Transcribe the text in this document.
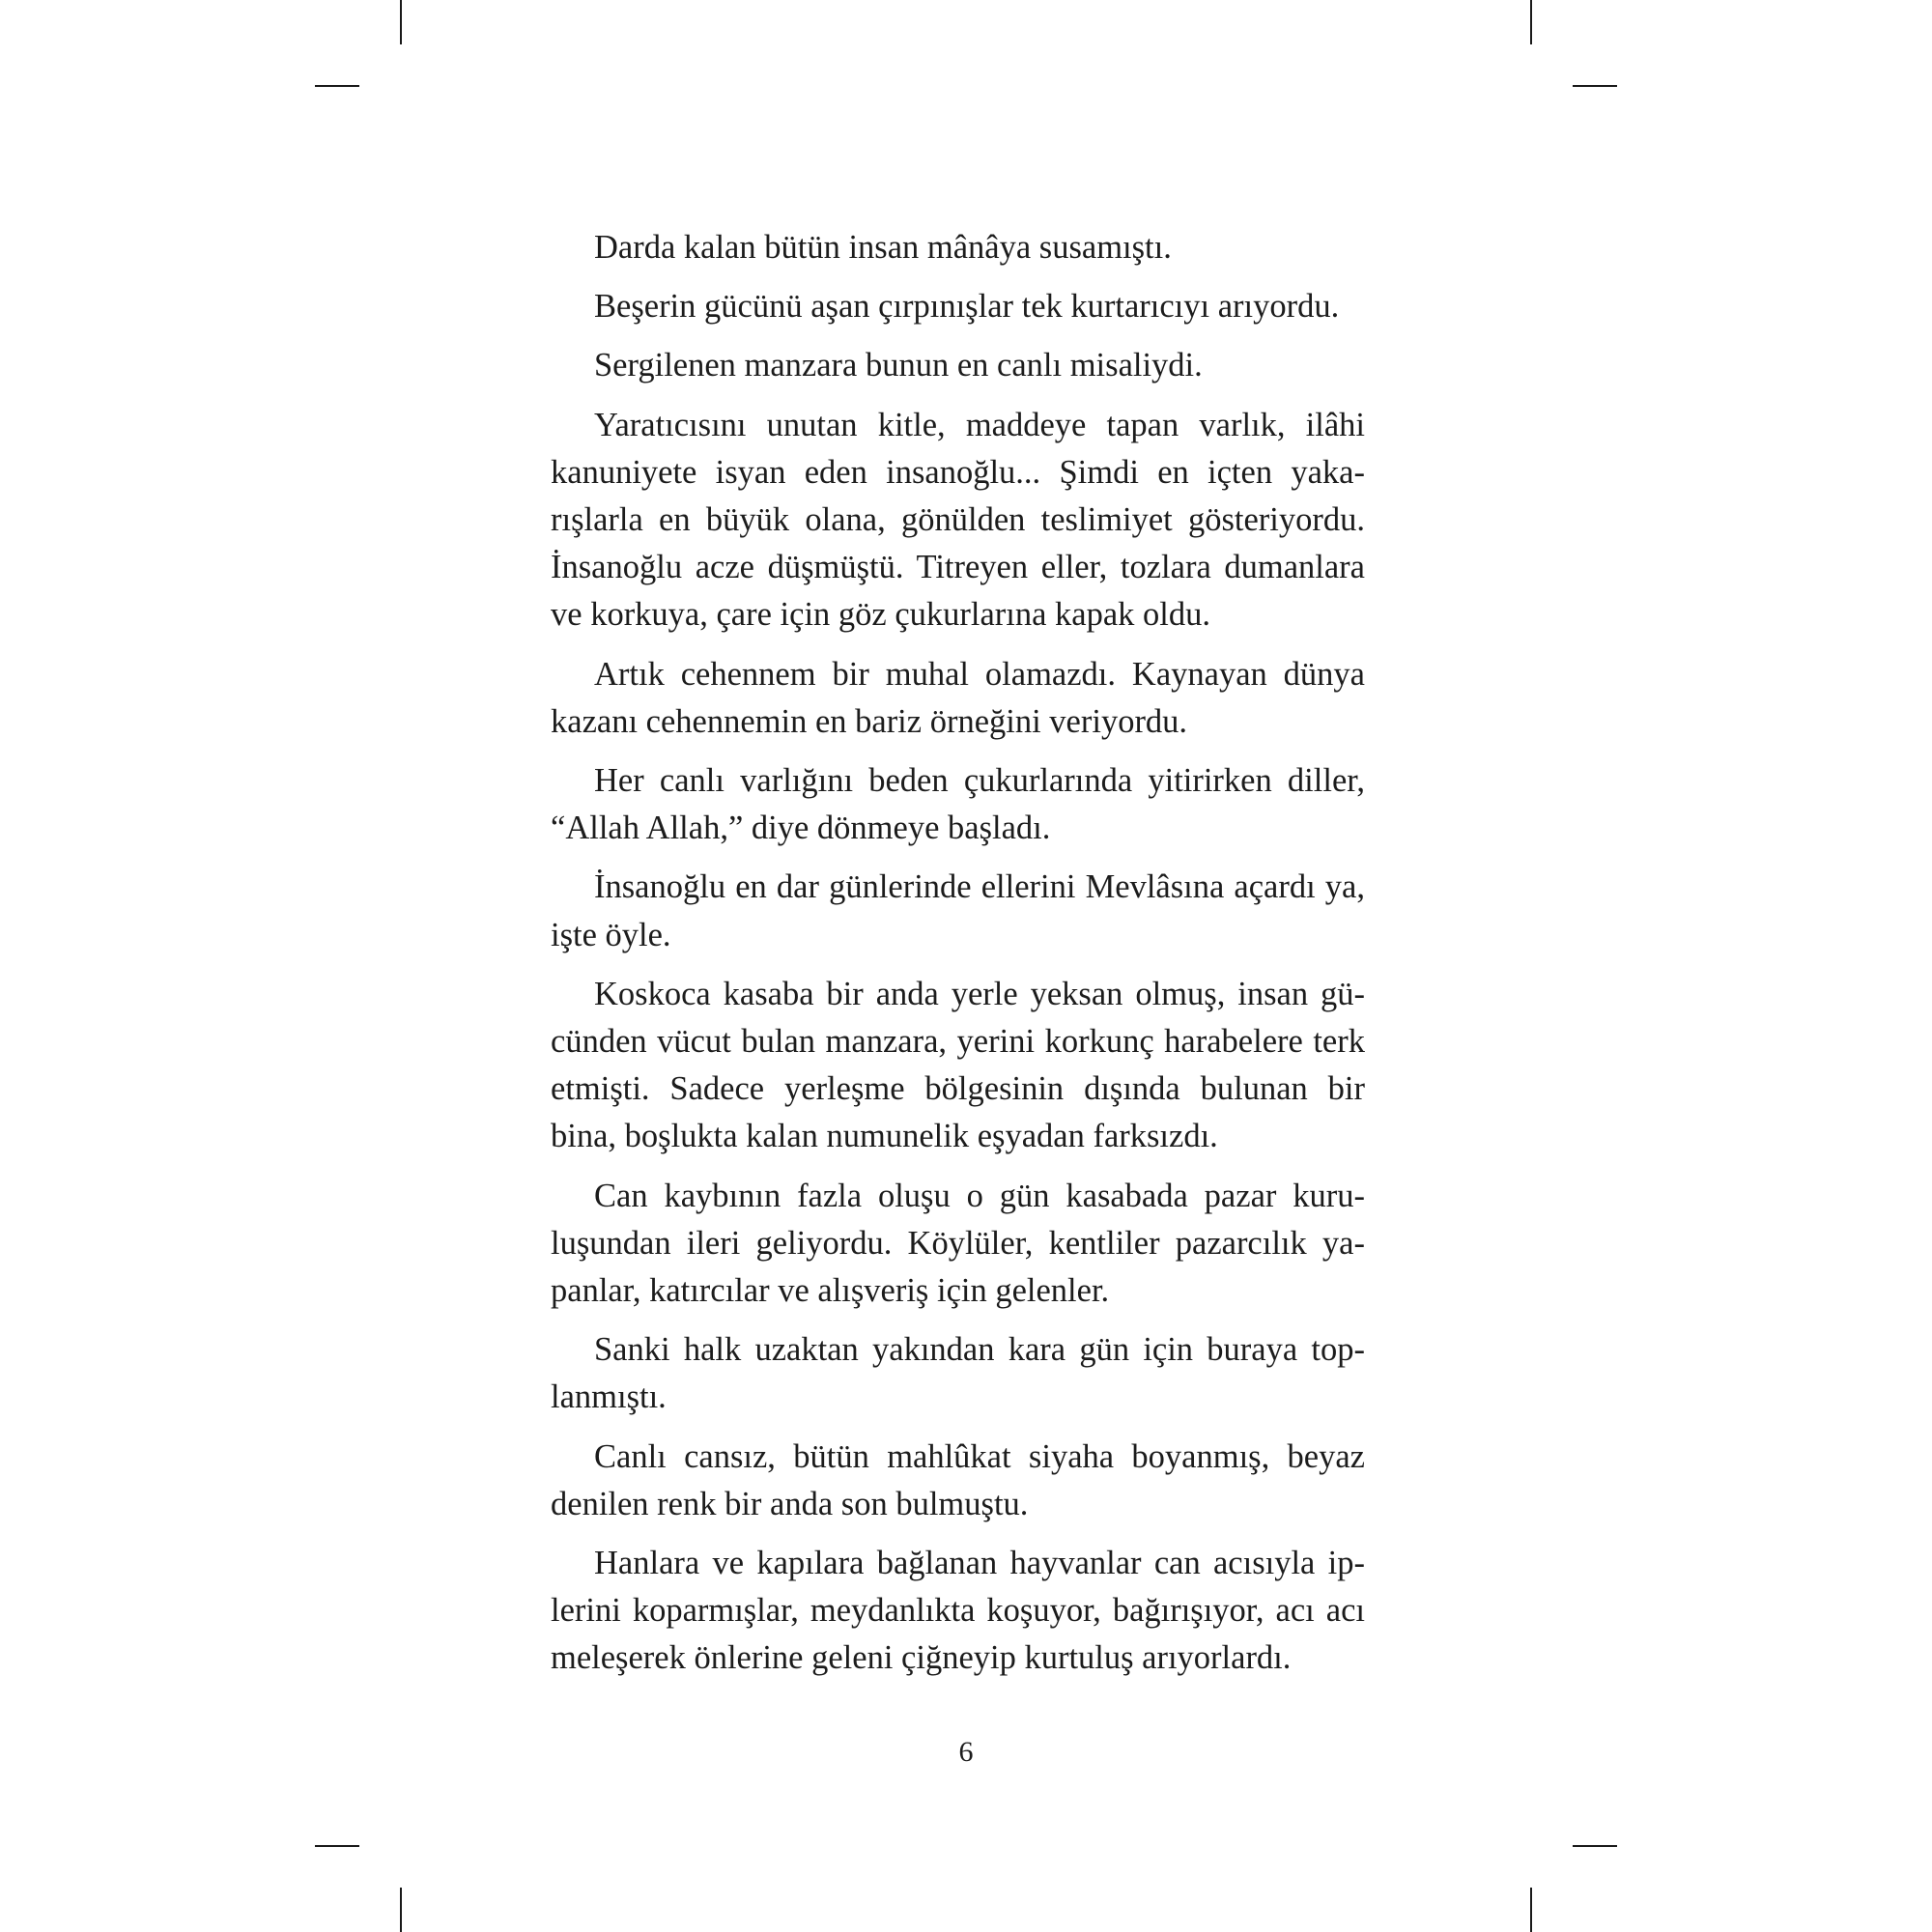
Darda kalan bütün insan mânâya susamıştı.

Beşerin gücünü aşan çırpınışlar tek kurtarıcıyı arıyordu.

Sergilenen manzara bunun en canlı misaliydi.

Yaratıcısını unutan kitle, maddeye tapan varlık, ilâhi kanuniyete isyan eden insanoğlu... Şimdi en içten yakarışlarla en büyük olana, gönülden teslimiyet gösteriyordu. İnsanoğlu acze düşmüştü. Titreyen eller, tozlara dumanlara ve korkuya, çare için göz çukurlarına kapak oldu.

Artık cehennem bir muhal olamazdı. Kaynayan dünya kazanı cehennemin en bariz örneğini veriyordu.

Her canlı varlığını beden çukurlarında yitirirken diller, “Allah Allah,” diye dönmeye başladı.

İnsanoğlu en dar günlerinde ellerini Mevlâsına açardı ya, işte öyle.

Koskoca kasaba bir anda yerle yeksan olmuş, insan gücünden vücut bulan manzara, yerini korkunç harabelere terk etmişti. Sadece yerleşme bölgesinin dışında bulunan bir bina, boşlukta kalan numunelik eşyadan farksızdı.

Can kaybının fazla oluşu o gün kasabada pazar kuruluşundan ileri geliyordu. Köylüler, kentliler pazarcılık yapanlar, katırcılar ve alışveriş için gelenler.

Sanki halk uzaktan yakından kara gün için buraya toplanmıştı.

Canlı cansız, bütün mahlûkat siyaha boyanmış, beyaz denilen renk bir anda son bulmuştu.

Hanlara ve kapılara bağlanan hayvanlar can acısıyla iplerini koparmışlar, meydanlıkta koşuyor, bağırışıyor, acı acı meleşerek önlerine geleni çiğneyip kurtuluş arıyorlardı.

6
